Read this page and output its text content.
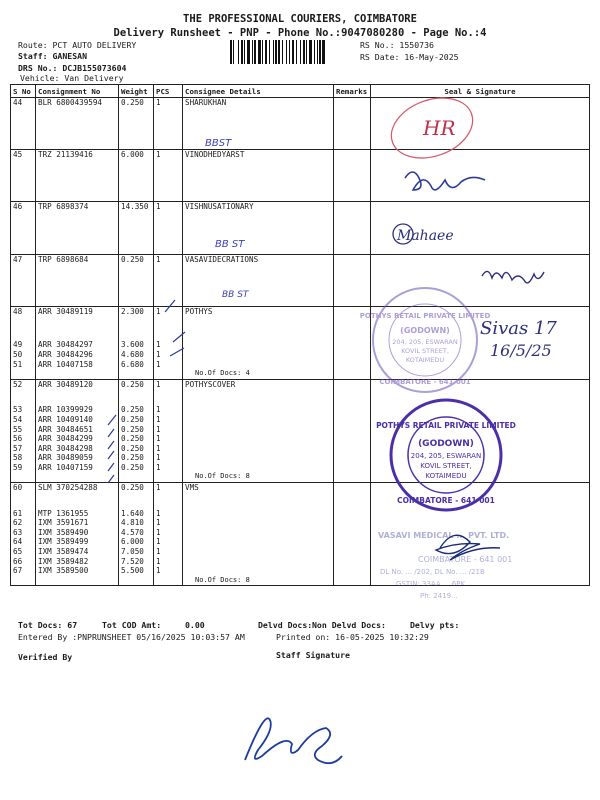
THE PROFESSIONAL COURIERS, COIMBATORE
Delivery Runsheet - PNP - Phone No.:9047080280 - Page No.:4
Route: PCT AUTO DELIVERY
Staff: GANESAN
DRS No.: DCJB155073604
Vehicle: Van Delivery
RS No.: 1550736
RS Date: 16-May-2025
S No	Consignment No	Weight	PCS	Consignee Details	Remarks	Seal & Signature
44	BLR 6800439594	0.250	1	SHARUKHAN		

45	TRZ 21139416	6.000	1	VINODHEDYARST		

46	TRP 6898374	14.350	1	VISHNUSATIONARY		

47	TRP 6898684	0.250	1	VASAVIDECRATIONS		

48	ARR 30489119	2.300	1	POTHYS		

49	ARR 30484297	3.600	1			
50	ARR 30484296	4.680	1			
51	ARR 10407158	6.680	1			
				No.Of Docs: 4		
52	ARR 30489120	0.250	1	POTHYSCOVER		

53	ARR 10399929	0.250	1			
54	ARR 10409140	0.250	1			
55	ARR 30484651	0.250	1			
56	ARR 30484299	0.250	1			
57	ARR 30484298	0.250	1			
58	ARR 30489059	0.250	1			
59	ARR 10407159	0.250	1			
				No.Of Docs: 8		
60	SLM 370254288	0.250	1	VMS		

61	MTP 1361955	1.640	1			
62	IXM 3591671	4.810	1			
63	IXM 3589490	4.570	1			
64	IXM 3589499	6.000	1			
65	IXM 3589474	7.050	1			
66	IXM 3589482	7.520	1			
67	IXM 3589500	5.500	1			
				No.Of Docs: 8		
Tot Docs: 67	Tot COD Amt:	0.00	Delvd Docs: Non Delvd Docs:	Delvy pts:
Entered By :PNPRUNSHEET 05/16/2025 10:03:57 AM	Printed on: 16-05-2025 10:32:29
Verified By	Staff Signature
HR
BBST
BB ST
BB ST
Mahaee
Sivas 17
16/5/25
POTHYS RETAIL PRIVATE LIMITED
(GODOWN)
204, 205, ESWARAN
KOVIL STREET,
KOTAIMEDU
COIMBATORE - 641 001
POTHYS RETAIL PRIVATE LIMITED
(GODOWN)
204, 205, ESWARAN
KOVIL STREET,
KOTAIMEDU
COIMBATORE - 641 001
VASAVI MEDICAL ... PVT. LTD.
COIMBATORE - 641 001
DL No. ... /202, DL No. ... /21B
GSTIN: 33AA ... 6PK
Ph: 2419...
